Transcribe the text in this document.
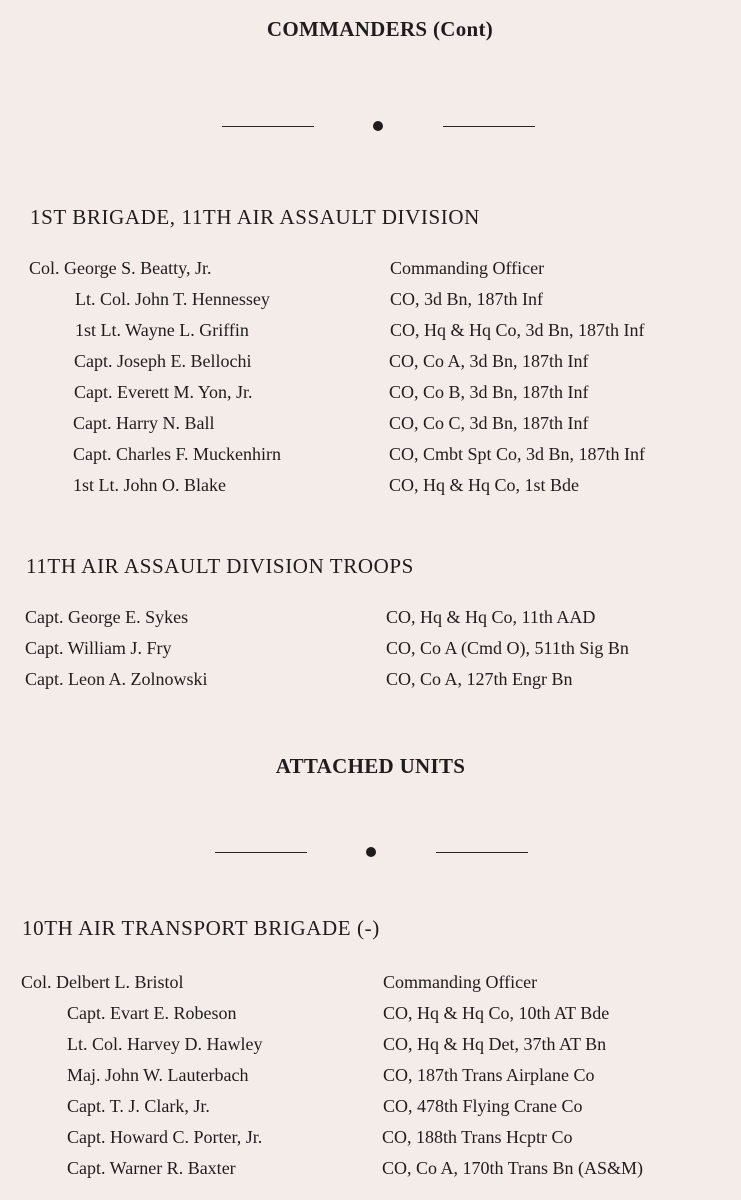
COMMANDERS (Cont)
1ST BRIGADE, 11TH AIR ASSAULT DIVISION
Col. George S. Beatty, Jr.	Commanding Officer
Lt. Col. John T. Hennessey	CO, 3d Bn, 187th Inf
1st Lt. Wayne L. Griffin	CO, Hq & Hq Co, 3d Bn, 187th Inf
Capt. Joseph E. Bellochi	CO, Co A, 3d Bn, 187th Inf
Capt. Everett M. Yon, Jr.	CO, Co B, 3d Bn, 187th Inf
Capt. Harry N. Ball	CO, Co C, 3d Bn, 187th Inf
Capt. Charles F. Muckenhirn	CO, Cmbt Spt Co, 3d Bn, 187th Inf
1st Lt. John O. Blake	CO, Hq & Hq Co, 1st Bde
11TH AIR ASSAULT DIVISION TROOPS
Capt. George E. Sykes	CO, Hq & Hq Co, 11th AAD
Capt. William J. Fry	CO, Co A (Cmd O), 511th Sig Bn
Capt. Leon A. Zolnowski	CO, Co A, 127th Engr Bn
ATTACHED UNITS
10TH AIR TRANSPORT BRIGADE (-)
Col. Delbert L. Bristol	Commanding Officer
Capt. Evart E. Robeson	CO, Hq & Hq Co, 10th AT Bde
Lt. Col. Harvey D. Hawley	CO, Hq & Hq Det, 37th AT Bn
Maj. John W. Lauterbach	CO, 187th Trans Airplane Co
Capt. T. J. Clark, Jr.	CO, 478th Flying Crane Co
Capt. Howard C. Porter, Jr.	CO, 188th Trans Hcptr Co
Capt. Warner R. Baxter	CO, Co A, 170th Trans Bn (AS&M)
